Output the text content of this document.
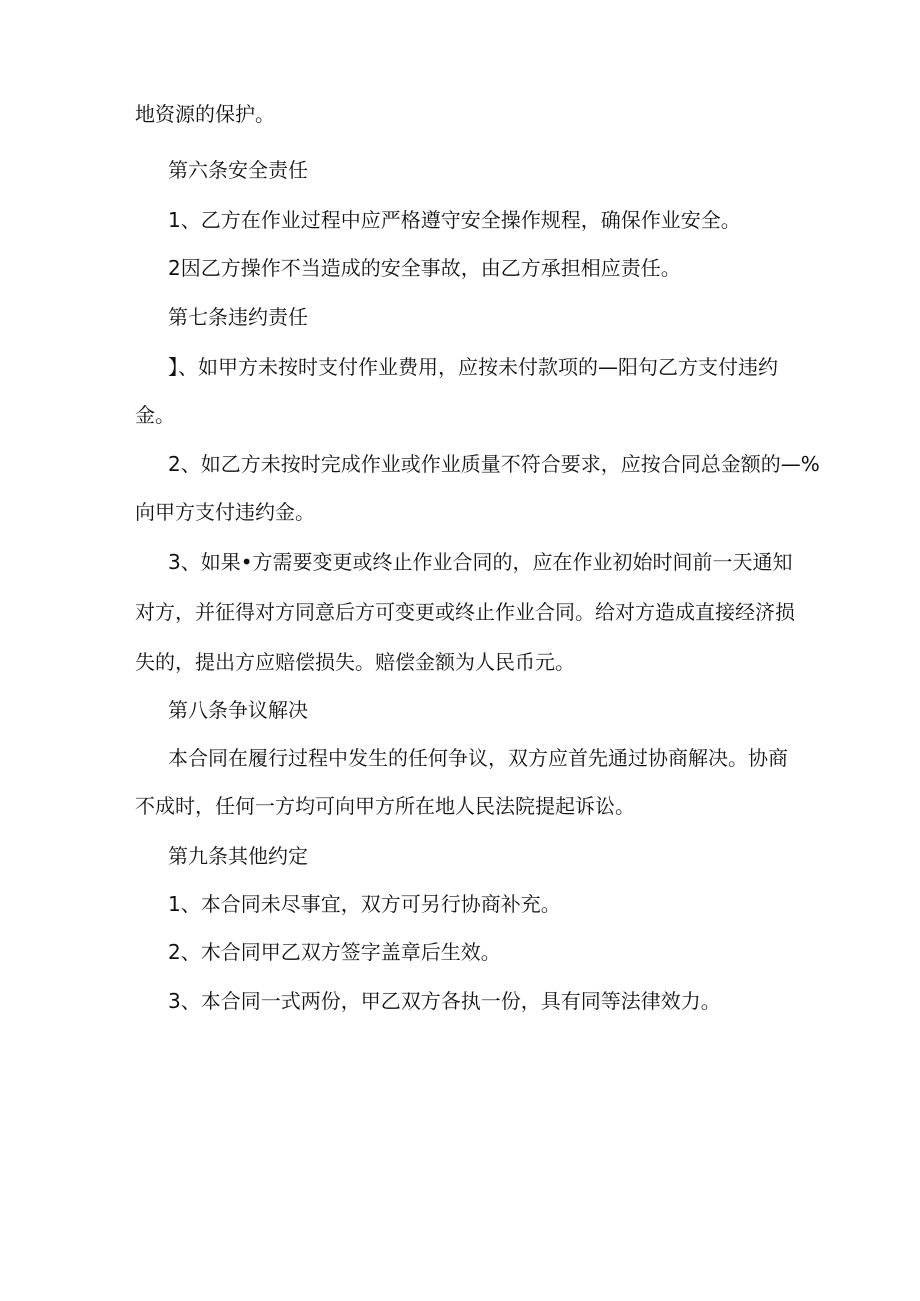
地资源的保护。

第六条安全责任

1、乙方在作业过程中应严格遵守安全操作规程，确保作业安全。

2因乙方操作不当造成的安全事故，由乙方承担相应责任。

第七条违约责任

】、如甲方未按时支付作业费用，应按未付款项的—阳句乙方支付违约

金。

2、如乙方未按时完成作业或作业质量不符合要求，应按合同总金额的—%

向甲方支付违约金。

3、如果•方需要变更或终止作业合同的，应在作业初始时间前一天通知

对方，并征得对方同意后方可变更或终止作业合同。给对方造成直接经济损

失的，提出方应赔偿损失。赔偿金额为人民币元。

第八条争议解决

本合同在履行过程中发生的任何争议，双方应首先通过协商解决。协商

不成时，任何一方均可向甲方所在地人民法院提起诉讼。

第九条其他约定

1、本合同未尽事宜，双方可另行协商补充。

2、木合同甲乙双方签字盖章后生效。

3、本合同一式两份，甲乙双方各执一份，具有同等法律效力。
